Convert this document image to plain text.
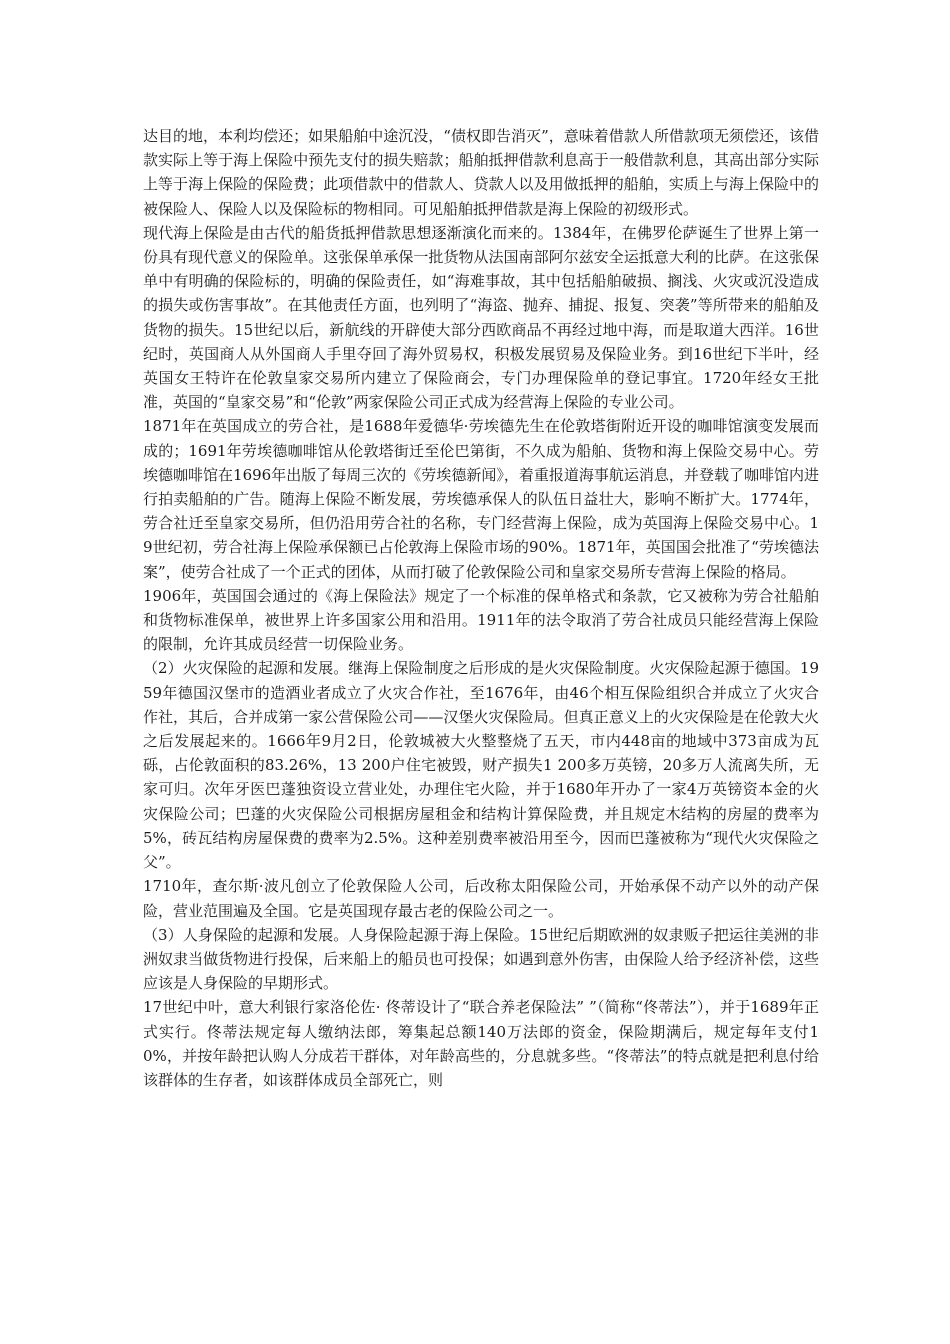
达目的地，本利均偿还；如果船舶中途沉没，“债权即告消灭”，意味着借款人所借款项无须偿还，该借款实际上等于海上保险中预先支付的损失赔款；船舶抵押借款利息高于一般借款利息，其高出部分实际上等于海上保险的保险费；此项借款中的借款人、贷款人以及用做抵押的船舶，实质上与海上保险中的被保险人、保险人以及保险标的物相同。可见船舶抵押借款是海上保险的初级形式。

现代海上保险是由古代的船货抵押借款思想逐渐演化而来的。1384年，在佛罗伦萨诞生了世界上第一份具有现代意义的保险单。这张保单承保一批货物从法国南部阿尔兹安全运抵意大利的比萨。在这张保单中有明确的保险标的，明确的保险责任，如“海难事故，其中包括船舶破损、搁浅、火灾或沉没造成的损失或伤害事故”。在其他责任方面，也列明了“海盗、抛弃、捕捉、报复、突袭”等所带来的船舶及货物的损失。15世纪以后，新航线的开辟使大部分西欧商品不再经过地中海，而是取道大西洋。16世纪时，英国商人从外国商人手里夺回了海外贸易权，积极发展贸易及保险业务。到16世纪下半叶，经英国女王特许在伦敦皇家交易所内建立了保险商会，专门办理保险单的登记事宜。1720年经女王批准，英国的“皇家交易”和“伦敦”两家保险公司正式成为经营海上保险的专业公司。

1871年在英国成立的劳合社，是1688年爱德华·劳埃德先生在伦敦塔街附近开设的咖啡馆演变发展而成的；1691年劳埃德咖啡馆从伦敦塔街迁至伦巴第街，不久成为船舶、货物和海上保险交易中心。劳埃德咖啡馆在1696年出版了每周三次的《劳埃德新闻》，着重报道海事航运消息，并登载了咖啡馆内进行拍卖船舶的广告。随海上保险不断发展，劳埃德承保人的队伍日益壮大，影响不断扩大。1774年，劳合社迁至皇家交易所，但仍沿用劳合社的名称，专门经营海上保险，成为英国海上保险交易中心。19世纪初，劳合社海上保险承保额已占伦敦海上保险市场的90%。1871年，英国国会批准了“劳埃德法案”，使劳合社成了一个正式的团体，从而打破了伦敦保险公司和皇家交易所专营海上保险的格局。

1906年，英国国会通过的《海上保险法》规定了一个标准的保单格式和条款，它又被称为劳合社船舶和货物标准保单，被世界上许多国家公用和沿用。1911年的法令取消了劳合社成员只能经营海上保险的限制，允许其成员经营一切保险业务。

（2）火灾保险的起源和发展。继海上保险制度之后形成的是火灾保险制度。火灾保险起源于德国。1959年德国汉堡市的造酒业者成立了火灾合作社，至1676年，由46个相互保险组织合并成立了火灾合作社，其后，合并成第一家公营保险公司——汉堡火灾保险局。但真正意义上的火灾保险是在伦敦大火之后发展起来的。1666年9月2日，伦敦城被大火整整烧了五天，市内448亩的地域中373亩成为瓦砾，占伦敦面积的83.26%，13 200户住宅被毁，财产损失1 200多万英镑，20多万人流离失所，无家可归。次年牙医巴蓬独资设立营业处，办理住宅火险，并于1680年开办了一家4万英镑资本金的火灾保险公司；巴蓬的火灾保险公司根据房屋租金和结构计算保险费，并且规定木结构的房屋的费率为5%，砖瓦结构房屋保费的费率为2.5%。这种差别费率被沿用至今，因而巴蓬被称为“现代火灾保险之父”。

1710年，查尔斯·波凡创立了伦敦保险人公司，后改称太阳保险公司，开始承保不动产以外的动产保险，营业范围遍及全国。它是英国现存最古老的保险公司之一。

（3）人身保险的起源和发展。人身保险起源于海上保险。15世纪后期欧洲的奴隶贩子把运往美洲的非洲奴隶当做货物进行投保，后来船上的船员也可投保；如遇到意外伤害，由保险人给予经济补偿，这些应该是人身保险的早期形式。

17世纪中叶，意大利银行家洛伦佐· 佟蒂设计了“联合养老保险法” ”（简称“佟蒂法”），并于1689年正式实行。佟蒂法规定每人缴纳法郎，筹集起总额140万法郎的资金，保险期满后，规定每年支付10%，并按年龄把认购人分成若干群体，对年龄高些的，分息就多些。“佟蒂法”的特点就是把利息付给该群体的生存者，如该群体成员全部死亡，则
